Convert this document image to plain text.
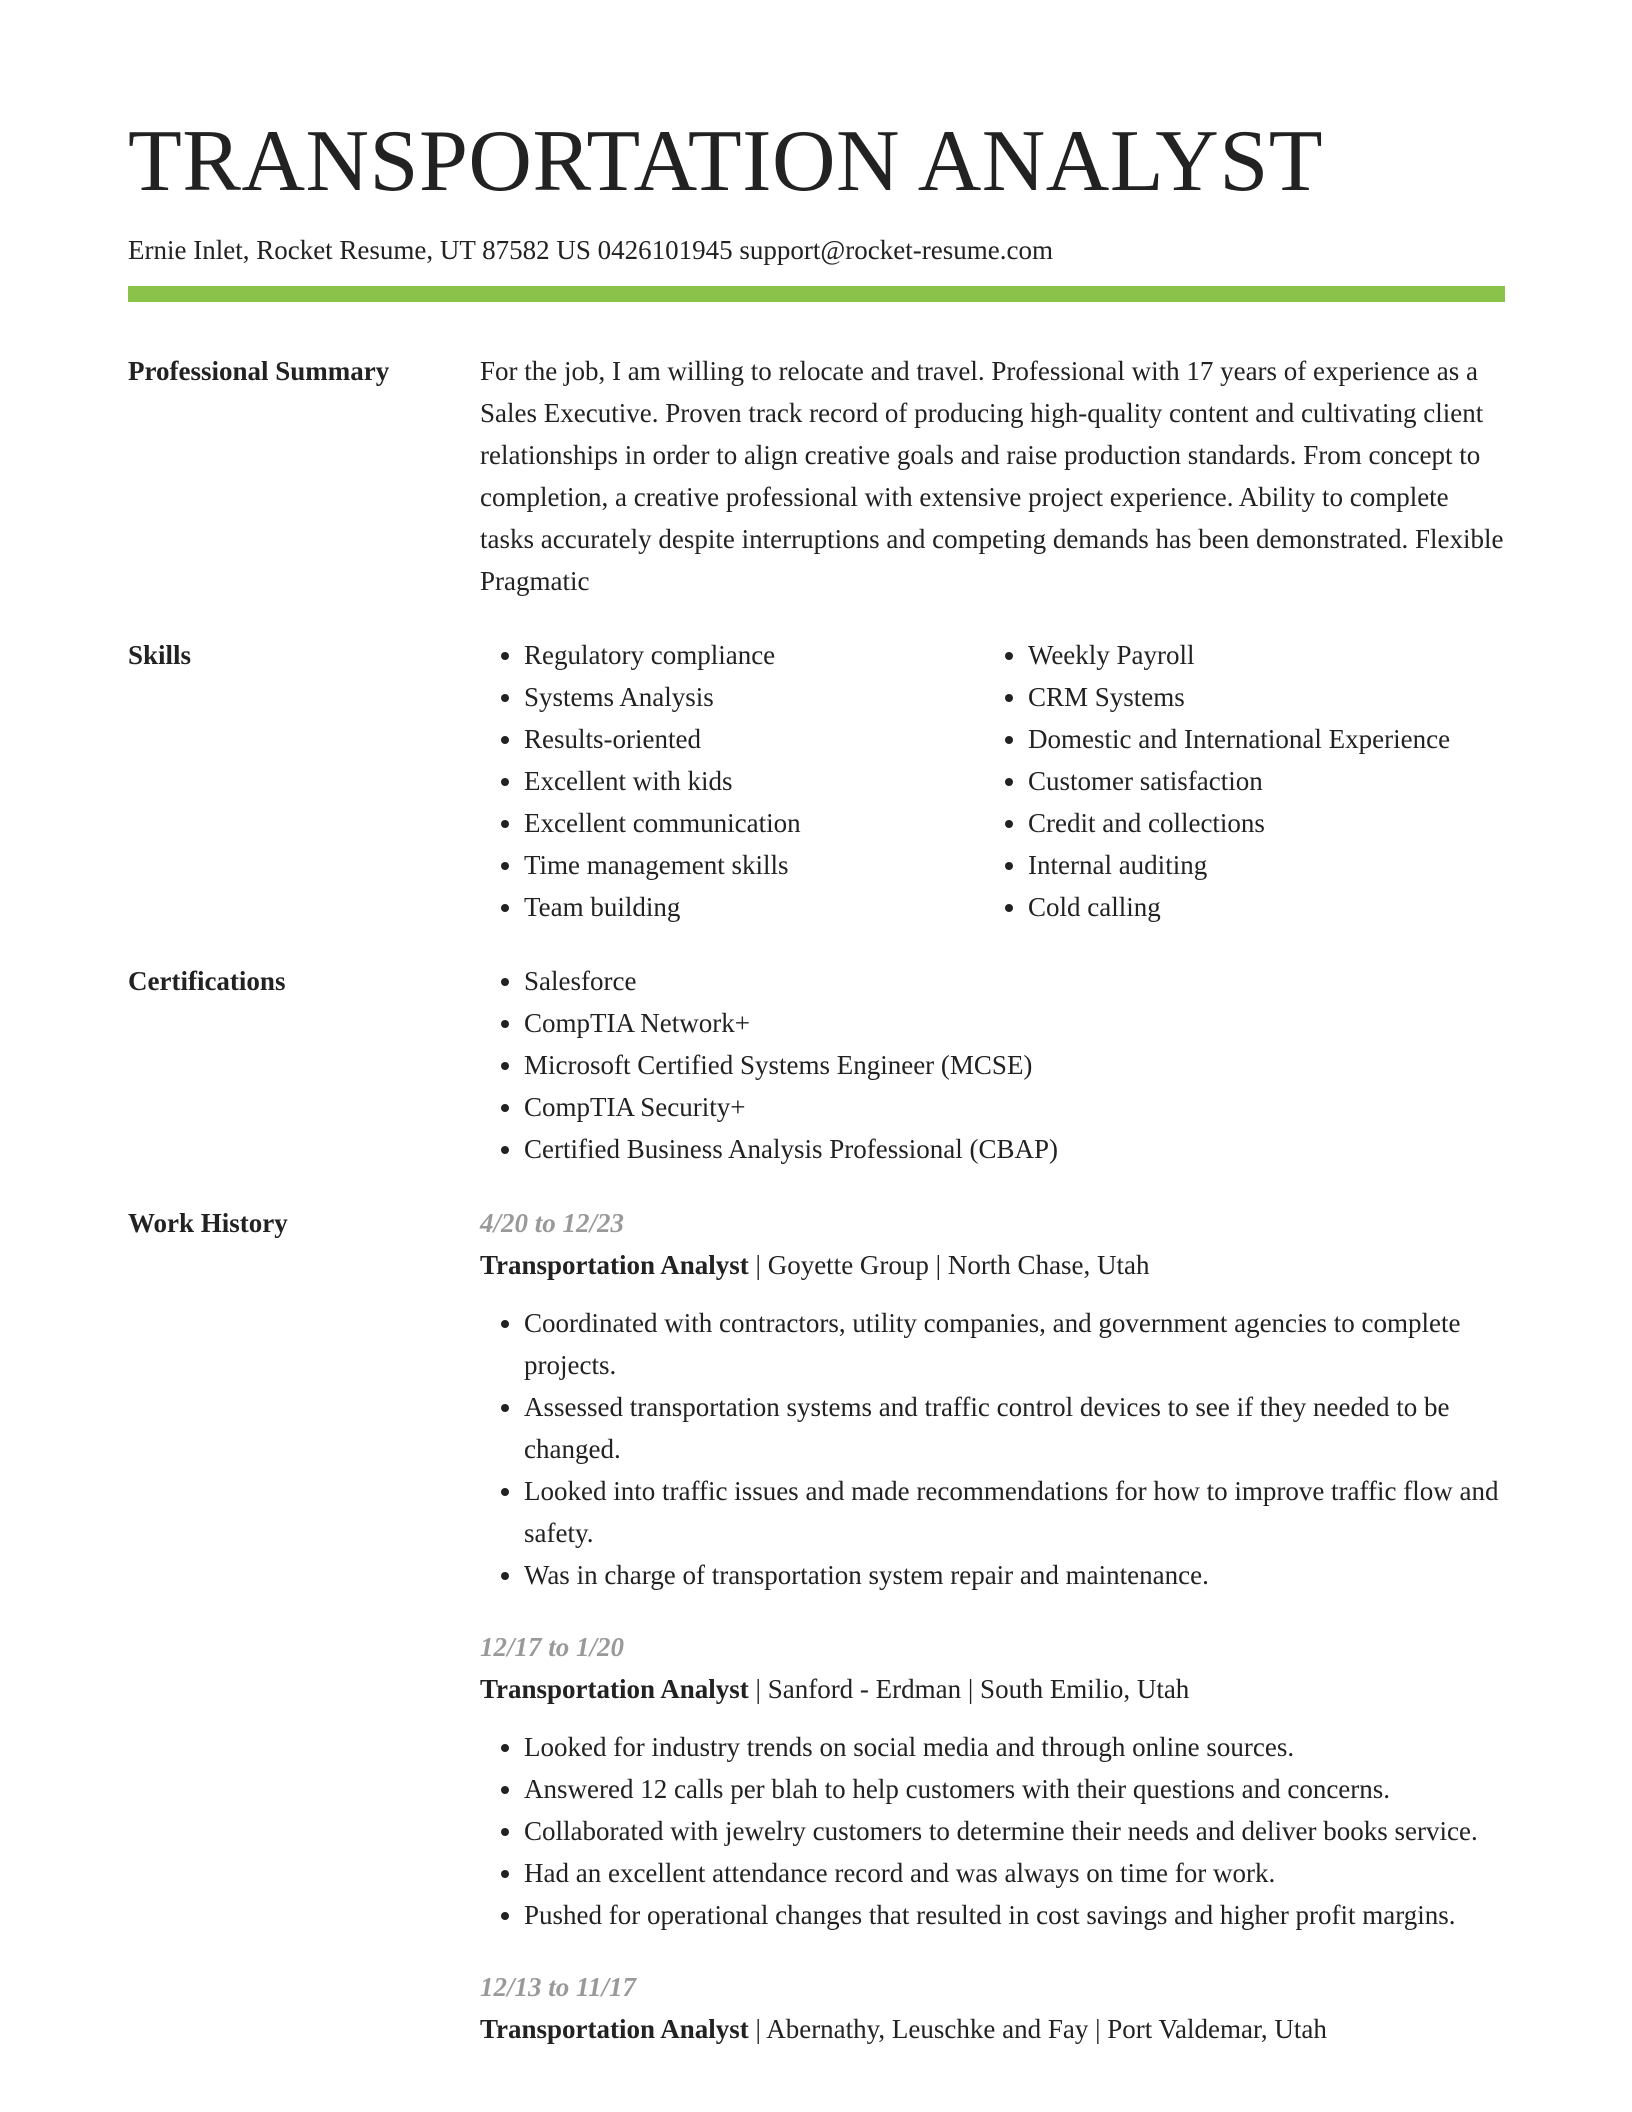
TRANSPORTATION ANALYST
Ernie Inlet, Rocket Resume, UT 87582 US 0426101945 support@rocket-resume.com
Professional Summary	For the job, I am willing to relocate and travel. Professional with 17 years of experience as a Sales Executive. Proven track record of producing high-quality content and cultivating client relationships in order to align creative goals and raise production standards. From concept to completion, a creative professional with extensive project experience. Ability to complete tasks accurately despite interruptions and competing demands has been demonstrated. Flexible Pragmatic

Skills	• Regulatory compliance
• Systems Analysis
• Results-oriented
• Excellent with kids
• Excellent communication
• Time management skills
• Team building
• Weekly Payroll
• CRM Systems
• Domestic and International Experience
• Customer satisfaction
• Credit and collections
• Internal auditing
• Cold calling
Certifications	• Salesforce
• CompTIA Network+
• Microsoft Certified Systems Engineer (MCSE)
• CompTIA Security+
• Certified Business Analysis Professional (CBAP)
Work History	4/20 to 12/23
Transportation Analyst | Goyette Group | North Chase, Utah
• Coordinated with contractors, utility companies, and government agencies to complete projects.
• Assessed transportation systems and traffic control devices to see if they needed to be changed.
• Looked into traffic issues and made recommendations for how to improve traffic flow and safety.
• Was in charge of transportation system repair and maintenance.
12/17 to 1/20
Transportation Analyst | Sanford - Erdman | South Emilio, Utah
• Looked for industry trends on social media and through online sources.
• Answered 12 calls per blah to help customers with their questions and concerns.
• Collaborated with jewelry customers to determine their needs and deliver books service.
• Had an excellent attendance record and was always on time for work.
• Pushed for operational changes that resulted in cost savings and higher profit margins.
12/13 to 11/17
Transportation Analyst | Abernathy, Leuschke and Fay | Port Valdemar, Utah
